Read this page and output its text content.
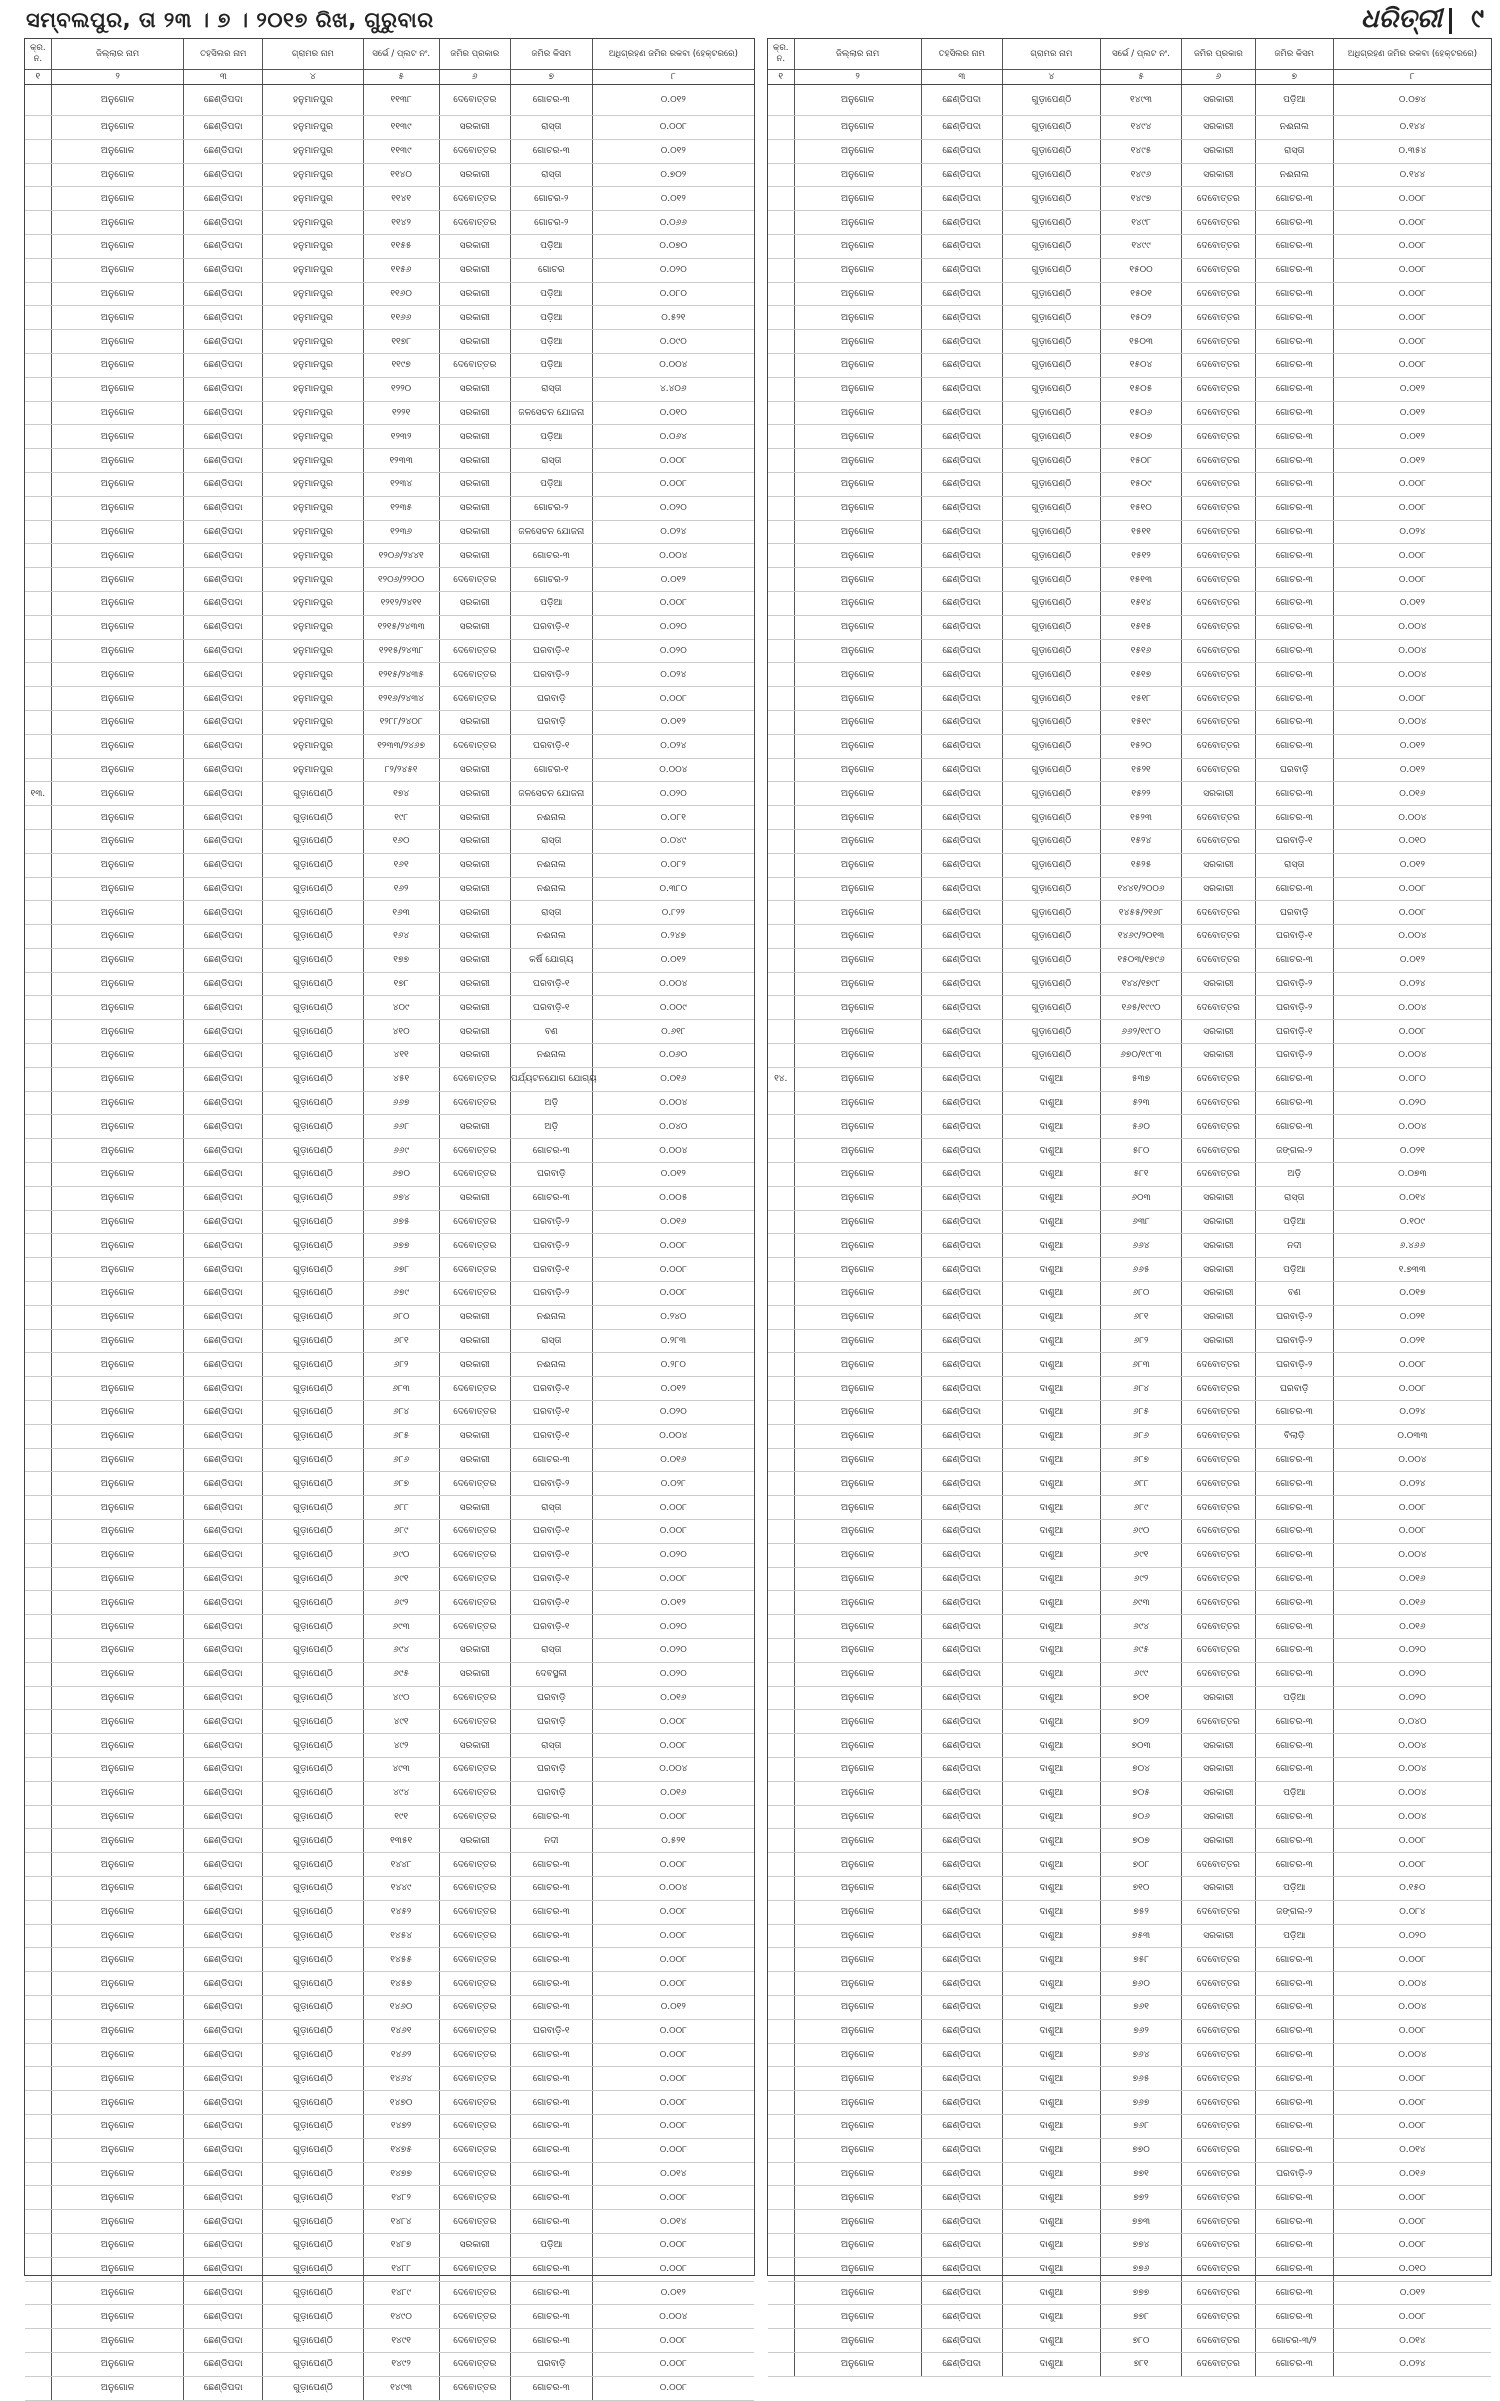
ସମ୍ବଲପୁର, ତା ୨୩ । ୭ । ୨୦୧୭ ରିଖ, ଗୁରୁବାର	ଧରିତ୍ରୀ ୯
କ୍ର. ନ.	ଜିଲ୍ଲାର ନାମ	ତହସିଲର ନାମ	ଗ୍ରାମର ନାମ	ସର୍ଭେ / ପ୍ଲଟ ନଂ.	ଜମିର ପ୍ରକାର	ଜମିର କିସମ	ଅଧିଗ୍ରହଣ ଜମିର ରକବା (ହେକ୍ଟରରେ)
୧	୨	୩	୪	୫	୬	୭	୮
	ଅନୁଗୋଳ	ଛେଣ୍ଡିପଦା	ହନୁମାନପୁର	୧୧୩୮	ଦେବୋତ୍ତର	ଗୋଚର-୩	୦.୦୧୨
	ଅନୁଗୋଳ	ଛେଣ୍ଡିପଦା	ହନୁମାନପୁର	୧୧୩୯	ସରକାରୀ	ରାସ୍ତା	୦.୦୦୮
	ଅନୁଗୋଳ	ଛେଣ୍ଡିପଦା	ହନୁମାନପୁର	୧୧୩୯	ଦେବୋତ୍ତର	ଗୋଚର-୩	୦.୦୧୨
	ଅନୁଗୋଳ	ଛେଣ୍ଡିପଦା	ହନୁମାନପୁର	୧୧୪୦	ସରକାରୀ	ରାସ୍ତା	୦.୭୦୨
	ଅନୁଗୋଳ	ଛେଣ୍ଡିପଦା	ହନୁମାନପୁର	୧୧୪୧	ଦେବୋତ୍ତର	ଗୋଚର-୨	୦.୦୧୨
	ଅନୁଗୋଳ	ଛେଣ୍ଡିପଦା	ହନୁମାନପୁର	୧୧୪୨	ଦେବୋତ୍ତର	ଗୋଚର-୨	୦.୦୬୬
	ଅନୁଗୋଳ	ଛେଣ୍ଡିପଦା	ହନୁମାନପୁର	୧୧୫୫	ସରକାରୀ	ପଡ଼ିଆ	୦.୦୭୦
	ଅନୁଗୋଳ	ଛେଣ୍ଡିପଦା	ହନୁମାନପୁର	୧୧୫୬	ସରକାରୀ	ଗୋଚର	୦.୦୨୦
	ଅନୁଗୋଳ	ଛେଣ୍ଡିପଦା	ହନୁମାନପୁର	୧୧୬୦	ସରକାରୀ	ପଡ଼ିଆ	୦.୦୮୦
	ଅନୁଗୋଳ	ଛେଣ୍ଡିପଦା	ହନୁମାନପୁର	୧୧୬୬	ସରକାରୀ	ପଡ଼ିଆ	୦.୫୨୧
	ଅନୁଗୋଳ	ଛେଣ୍ଡିପଦା	ହନୁମାନପୁର	୧୧୭୮	ସରକାରୀ	ପଡ଼ିଆ	୦.୦୯୦
	ଅନୁଗୋଳ	ଛେଣ୍ଡିପଦା	ହନୁମାନପୁର	୧୧୯୭	ଦେବୋତ୍ତର	ପଡ଼ିଆ	୦.୦୦୪
	ଅନୁଗୋଳ	ଛେଣ୍ଡିପଦା	ହନୁମାନପୁର	୧୨୨୦	ସରକାରୀ	ରାସ୍ତା	୪.୪୦୬
	ଅନୁଗୋଳ	ଛେଣ୍ଡିପଦା	ହନୁମାନପୁର	୧୨୨୧	ସରକାରୀ	ଜଳସେଚନ ଯୋଜନା	୦.୦୧୦
	ଅନୁଗୋଳ	ଛେଣ୍ଡିପଦା	ହନୁମାନପୁର	୧୨୩୨	ସରକାରୀ	ପଡ଼ିଆ	୦.୦୬୪
	ଅନୁଗୋଳ	ଛେଣ୍ଡିପଦା	ହନୁମାନପୁର	୧୨୩୩	ସରକାରୀ	ରାସ୍ତା	୦.୦୦୮
	ଅନୁଗୋଳ	ଛେଣ୍ଡିପଦା	ହନୁମାନପୁର	୧୨୩୪	ସରକାରୀ	ପଡ଼ିଆ	୦.୦୦୮
	ଅନୁଗୋଳ	ଛେଣ୍ଡିପଦା	ହନୁମାନପୁର	୧୨୩୫	ସରକାରୀ	ଗୋଚର-୨	୦.୦୨୦
	ଅନୁଗୋଳ	ଛେଣ୍ଡିପଦା	ହନୁମାନପୁର	୧୨୩୬	ସରକାରୀ	ଜଳସେଚନ ଯୋଜନା	୦.୦୨୪
	ଅନୁଗୋଳ	ଛେଣ୍ଡିପଦା	ହନୁମାନପୁର	୧୨୦୬/୨୪୪୧	ସରକାରୀ	ଗୋଚର-୩	୦.୦୦୪
	ଅନୁଗୋଳ	ଛେଣ୍ଡିପଦା	ହନୁମାନପୁର	୧୨୦୬/୨୨୦୦	ଦେବୋତ୍ତର	ଗୋଚର-୨	୦.୦୧୨
	ଅନୁଗୋଳ	ଛେଣ୍ଡିପଦା	ହନୁମାନପୁର	୧୨୧୨/୨୪୧୧	ସରକାରୀ	ପଡ଼ିଆ	୦.୦୦୮
	ଅନୁଗୋଳ	ଛେଣ୍ଡିପଦା	ହନୁମାନପୁର	୧୨୧୫/୨୪୩୩	ସରକାରୀ	ଘରବାଡ଼ି-୧	୦.୦୨୦
	ଅନୁଗୋଳ	ଛେଣ୍ଡିପଦା	ହନୁମାନପୁର	୧୨୧୫/୨୪୩୮	ଦେବୋତ୍ତର	ଘରବାଡ଼ି-୧	୦.୦୨୦
	ଅନୁଗୋଳ	ଛେଣ୍ଡିପଦା	ହନୁମାନପୁର	୧୨୧୫/୨୪୩୫	ଦେବୋତ୍ତର	ଘରବାଡ଼ି-୨	୦.୦୨୪
	ଅନୁଗୋଳ	ଛେଣ୍ଡିପଦା	ହନୁମାନପୁର	୧୨୧୬/୨୪୩୪	ଦେବୋତ୍ତର	ଘରବାଡ଼ି	୦.୦୦୮
	ଅନୁଗୋଳ	ଛେଣ୍ଡିପଦା	ହନୁମାନପୁର	୧୨୮୮/୨୪୦୮	ସରକାରୀ	ଘରବାଡ଼ି	୦.୦୧୨
	ଅନୁଗୋଳ	ଛେଣ୍ଡିପଦା	ହନୁମାନପୁର	୧୨୩୩/୨୪୬୭	ଦେବୋତ୍ତର	ଘରବାଡ଼ି-୧	୦.୦୨୪
	ଅନୁଗୋଳ	ଛେଣ୍ଡିପଦା	ହନୁମାନପୁର	୮୨/୨୪୫୧	ସରକାରୀ	ଗୋଚର-୧	୦.୦୦୪
୧୩.	ଅନୁଗୋଳ	ଛେଣ୍ଡିପଦା	ଗୁଡ଼ାପେଣ୍ଠି	୧୭୪	ସରକାରୀ	ଜଳସେଚନ ଯୋଜନା	୦.୦୨୦
	ଅନୁଗୋଳ	ଛେଣ୍ଡିପଦା	ଗୁଡ଼ାପେଣ୍ଠି	୧୯୮	ସରକାରୀ	ନଈନାଲ	୦.୦୮୧
	ଅନୁଗୋଳ	ଛେଣ୍ଡିପଦା	ଗୁଡ଼ାପେଣ୍ଠି	୧୬୦	ସରକାରୀ	ରାସ୍ତା	୦.୦୪୯
	ଅନୁଗୋଳ	ଛେଣ୍ଡିପଦା	ଗୁଡ଼ାପେଣ୍ଠି	୧୬୧	ସରକାରୀ	ନଈନାଲ	୦.୦୮୨
	ଅନୁଗୋଳ	ଛେଣ୍ଡିପଦା	ଗୁଡ଼ାପେଣ୍ଠି	୧୬୨	ସରକାରୀ	ନଈନାଲ	୦.୩୮୦
	ଅନୁଗୋଳ	ଛେଣ୍ଡିପଦା	ଗୁଡ଼ାପେଣ୍ଠି	୧୬୩	ସରକାରୀ	ରାସ୍ତା	୦.୮୨୨
	ଅନୁଗୋଳ	ଛେଣ୍ଡିପଦା	ଗୁଡ଼ାପେଣ୍ଠି	୧୬୪	ସରକାରୀ	ନଈନାଲ	୦.୨୪୭
	ଅନୁଗୋଳ	ଛେଣ୍ଡିପଦା	ଗୁଡ଼ାପେଣ୍ଠି	୧୭୭	ସରକାରୀ	କର୍ଷି ଯୋଗ୍ୟ	୦.୦୧୨
	ଅନୁଗୋଳ	ଛେଣ୍ଡିପଦା	ଗୁଡ଼ାପେଣ୍ଠି	୧୭୮	ସରକାରୀ	ଘରବାଡ଼ି-୧	୦.୦୦୪
	ଅନୁଗୋଳ	ଛେଣ୍ଡିପଦା	ଗୁଡ଼ାପେଣ୍ଠି	୪୦୯	ସରକାରୀ	ଘରବାଡ଼ି-୧	୦.୦୦୯
	ଅନୁଗୋଳ	ଛେଣ୍ଡିପଦା	ଗୁଡ଼ାପେଣ୍ଠି	୪୧୦	ସରକାରୀ	ବଣ	୦.୬୧୮
	ଅନୁଗୋଳ	ଛେଣ୍ଡିପଦା	ଗୁଡ଼ାପେଣ୍ଠି	୪୧୧	ସରକାରୀ	ନଈନାଲ	୦.୦୬୦
	ଅନୁଗୋଳ	ଛେଣ୍ଡିପଦା	ଗୁଡ଼ାପେଣ୍ଠି	୪୫୧	ଦେବୋତ୍ତର	ପର୍ଯ୍ୟଟନଯୋଗ ଯୋଗ୍ୟ	୦.୦୧୬
	ଅନୁଗୋଳ	ଛେଣ୍ଡିପଦା	ଗୁଡ଼ାପେଣ୍ଠି	୬୬୭	ଦେବୋତ୍ତର	ଅଡ଼ି	୦.୦୦୪
	ଅନୁଗୋଳ	ଛେଣ୍ଡିପଦା	ଗୁଡ଼ାପେଣ୍ଠି	୬୬୮	ସରକାରୀ	ଅଡ଼ି	୦.୦୪୦
	ଅନୁଗୋଳ	ଛେଣ୍ଡିପଦା	ଗୁଡ଼ାପେଣ୍ଠି	୬୬୯	ଦେବୋତ୍ତର	ଗୋଚର-୩	୦.୦୦୪
	ଅନୁଗୋଳ	ଛେଣ୍ଡିପଦା	ଗୁଡ଼ାପେଣ୍ଠି	୬୭୦	ଦେବୋତ୍ତର	ଘରବାଡ଼ି	୦.୦୧୨
	ଅନୁଗୋଳ	ଛେଣ୍ଡିପଦା	ଗୁଡ଼ାପେଣ୍ଠି	୬୭୪	ସରକାରୀ	ଗୋଚର-୩	୦.୦୦୫
	ଅନୁଗୋଳ	ଛେଣ୍ଡିପଦା	ଗୁଡ଼ାପେଣ୍ଠି	୬୭୫	ଦେବୋତ୍ତର	ଘରବାଡ଼ି-୨	୦.୦୧୬
	ଅନୁଗୋଳ	ଛେଣ୍ଡିପଦା	ଗୁଡ଼ାପେଣ୍ଠି	୬୭୭	ଦେବୋତ୍ତର	ଘରବାଡ଼ି-୨	୦.୦୦୮
	ଅନୁଗୋଳ	ଛେଣ୍ଡିପଦା	ଗୁଡ଼ାପେଣ୍ଠି	୬୭୮	ଦେବୋତ୍ତର	ଘରବାଡ଼ି-୧	୦.୦୦୮
	ଅନୁଗୋଳ	ଛେଣ୍ଡିପଦା	ଗୁଡ଼ାପେଣ୍ଠି	୬୭୯	ଦେବୋତ୍ତର	ଘରବାଡ଼ି-୨	୦.୦୦୮
	ଅନୁଗୋଳ	ଛେଣ୍ଡିପଦା	ଗୁଡ଼ାପେଣ୍ଠି	୬୮୦	ସରକାରୀ	ନଈନାଲ	୦.୨୪୦
	ଅନୁଗୋଳ	ଛେଣ୍ଡିପଦା	ଗୁଡ଼ାପେଣ୍ଠି	୬୮୧	ସରକାରୀ	ରାସ୍ତା	୦.୨୮୩
	ଅନୁଗୋଳ	ଛେଣ୍ଡିପଦା	ଗୁଡ଼ାପେଣ୍ଠି	୬୮୨	ସରକାରୀ	ନଈନାଲ	୦.୨୮୦
	ଅନୁଗୋଳ	ଛେଣ୍ଡିପଦା	ଗୁଡ଼ାପେଣ୍ଠି	୬୮୩	ଦେବୋତ୍ତର	ଘରବାଡ଼ି-୧	୦.୦୧୨
	ଅନୁଗୋଳ	ଛେଣ୍ଡିପଦା	ଗୁଡ଼ାପେଣ୍ଠି	୬୮୪	ଦେବୋତ୍ତର	ଘରବାଡ଼ି-୧	୦.୦୨୦
	ଅନୁଗୋଳ	ଛେଣ୍ଡିପଦା	ଗୁଡ଼ାପେଣ୍ଠି	୬୮୫	ସରକାରୀ	ଘରବାଡ଼ି-୧	୦.୦୦୪
	ଅନୁଗୋଳ	ଛେଣ୍ଡିପଦା	ଗୁଡ଼ାପେଣ୍ଠି	୬୮୬	ସରକାରୀ	ଗୋଚର-୩	୦.୦୧୬
	ଅନୁଗୋଳ	ଛେଣ୍ଡିପଦା	ଗୁଡ଼ାପେଣ୍ଠି	୬୮୭	ଦେବୋତ୍ତର	ଘରବାଡ଼ି-୨	୦.୦୨୮
	ଅନୁଗୋଳ	ଛେଣ୍ଡିପଦା	ଗୁଡ଼ାପେଣ୍ଠି	୬୮୮	ସରକାରୀ	ରାସ୍ତା	୦.୦୦୮
	ଅନୁଗୋଳ	ଛେଣ୍ଡିପଦା	ଗୁଡ଼ାପେଣ୍ଠି	୬୮୯	ଦେବୋତ୍ତର	ଘରବାଡ଼ି-୧	୦.୦୦୮
	ଅନୁଗୋଳ	ଛେଣ୍ଡିପଦା	ଗୁଡ଼ାପେଣ୍ଠି	୬୯୦	ଦେବୋତ୍ତର	ଘରବାଡ଼ି-୧	୦.୦୨୦
	ଅନୁଗୋଳ	ଛେଣ୍ଡିପଦା	ଗୁଡ଼ାପେଣ୍ଠି	୬୯୧	ଦେବୋତ୍ତର	ଘରବାଡ଼ି-୧	୦.୦୦୮
	ଅନୁଗୋଳ	ଛେଣ୍ଡିପଦା	ଗୁଡ଼ାପେଣ୍ଠି	୬୯୨	ଦେବୋତ୍ତର	ଘରବାଡ଼ି-୧	୦.୦୧୨
	ଅନୁଗୋଳ	ଛେଣ୍ଡିପଦା	ଗୁଡ଼ାପେଣ୍ଠି	୬୯୩	ଦେବୋତ୍ତର	ଘରବାଡ଼ି-୧	୦.୦୨୦
	ଅନୁଗୋଳ	ଛେଣ୍ଡିପଦା	ଗୁଡ଼ାପେଣ୍ଠି	୬୯୪	ସରକାରୀ	ରାସ୍ତା	୦.୦୨୦
	ଅନୁଗୋଳ	ଛେଣ୍ଡିପଦା	ଗୁଡ଼ାପେଣ୍ଠି	୬୯୫	ସରକାରୀ	ଦେବସ୍ଥଳୀ	୦.୦୨୦
	ଅନୁଗୋଳ	ଛେଣ୍ଡିପଦା	ଗୁଡ଼ାପେଣ୍ଠି	୪୯୦	ଦେବୋତ୍ତର	ଘରବାଡ଼ି	୦.୦୧୬
	ଅନୁଗୋଳ	ଛେଣ୍ଡିପଦା	ଗୁଡ଼ାପେଣ୍ଠି	୪୯୧	ଦେବୋତ୍ତର	ଘରବାଡ଼ି	୦.୦୦୮
	ଅନୁଗୋଳ	ଛେଣ୍ଡିପଦା	ଗୁଡ଼ାପେଣ୍ଠି	୪୯୨	ସରକାରୀ	ରାସ୍ତା	୦.୦୦୮
	ଅନୁଗୋଳ	ଛେଣ୍ଡିପଦା	ଗୁଡ଼ାପେଣ୍ଠି	୪୯୩	ଦେବୋତ୍ତର	ଘରବାଡ଼ି	୦.୦୦୪
	ଅନୁଗୋଳ	ଛେଣ୍ଡିପଦା	ଗୁଡ଼ାପେଣ୍ଠି	୪୯୪	ଦେବୋତ୍ତର	ଘରବାଡ଼ି	୦.୦୧୬
	ଅନୁଗୋଳ	ଛେଣ୍ଡିପଦା	ଗୁଡ଼ାପେଣ୍ଠି	୧୯୧	ଦେବୋତ୍ତର	ଗୋଚର-୩	୦.୦୦୮
	ଅନୁଗୋଳ	ଛେଣ୍ଡିପଦା	ଗୁଡ଼ାପେଣ୍ଠି	୧୩୫୧	ସରକାରୀ	ନଦୀ	୦.୫୨୧
	ଅନୁଗୋଳ	ଛେଣ୍ଡିପଦା	ଗୁଡ଼ାପେଣ୍ଠି	୧୪୪୮	ଦେବୋତ୍ତର	ଗୋଚର-୩	୦.୦୦୮
	ଅନୁଗୋଳ	ଛେଣ୍ଡିପଦା	ଗୁଡ଼ାପେଣ୍ଠି	୧୪୪୯	ଦେବୋତ୍ତର	ଗୋଚର-୩	୦.୦୦୪
	ଅନୁଗୋଳ	ଛେଣ୍ଡିପଦା	ଗୁଡ଼ାପେଣ୍ଠି	୧୪୫୨	ଦେବୋତ୍ତର	ଗୋଚର-୩	୦.୦୦୮
	ଅନୁଗୋଳ	ଛେଣ୍ଡିପଦା	ଗୁଡ଼ାପେଣ୍ଠି	୧୪୫୪	ଦେବୋତ୍ତର	ଗୋଚର-୩	୦.୦୦୮
	ଅନୁଗୋଳ	ଛେଣ୍ଡିପଦା	ଗୁଡ଼ାପେଣ୍ଠି	୧୪୫୫	ଦେବୋତ୍ତର	ଗୋଚର-୩	୦.୦୦୮
	ଅନୁଗୋଳ	ଛେଣ୍ଡିପଦା	ଗୁଡ଼ାପେଣ୍ଠି	୧୪୫୭	ଦେବୋତ୍ତର	ଗୋଚର-୩	୦.୦୦୮
	ଅନୁଗୋଳ	ଛେଣ୍ଡିପଦା	ଗୁଡ଼ାପେଣ୍ଠି	୧୪୬୦	ଦେବୋତ୍ତର	ଗୋଚର-୩	୦.୦୧୨
	ଅନୁଗୋଳ	ଛେଣ୍ଡିପଦା	ଗୁଡ଼ାପେଣ୍ଠି	୧୪୬୧	ଦେବୋତ୍ତର	ଘରବାଡ଼ି-୧	୦.୦୦୮
	ଅନୁଗୋଳ	ଛେଣ୍ଡିପଦା	ଗୁଡ଼ାପେଣ୍ଠି	୧୪୬୨	ଦେବୋତ୍ତର	ଗୋଚର-୩	୦.୦୦୮
	ଅନୁଗୋଳ	ଛେଣ୍ଡିପଦା	ଗୁଡ଼ାପେଣ୍ଠି	୧୪୬୪	ଦେବୋତ୍ତର	ଗୋଚର-୩	୦.୦୦୮
	ଅନୁଗୋଳ	ଛେଣ୍ଡିପଦା	ଗୁଡ଼ାପେଣ୍ଠି	୧୪୭୦	ଦେବୋତ୍ତର	ଗୋଚର-୩	୦.୦୦୮
	ଅନୁଗୋଳ	ଛେଣ୍ଡିପଦା	ଗୁଡ଼ାପେଣ୍ଠି	୧୪୭୨	ଦେବୋତ୍ତର	ଗୋଚର-୩	୦.୦୦୮
	ଅନୁଗୋଳ	ଛେଣ୍ଡିପଦା	ଗୁଡ଼ାପେଣ୍ଠି	୧୪୭୫	ଦେବୋତ୍ତର	ଗୋଚର-୩	୦.୦୦୮
	ଅନୁଗୋଳ	ଛେଣ୍ଡିପଦା	ଗୁଡ଼ାପେଣ୍ଠି	୧୪୭୭	ଦେବୋତ୍ତର	ଗୋଚର-୩	୦.୦୧୪
	ଅନୁଗୋଳ	ଛେଣ୍ଡିପଦା	ଗୁଡ଼ାପେଣ୍ଠି	୧୪୮୨	ଦେବୋତ୍ତର	ଗୋଚର-୩	୦.୦୦୮
	ଅନୁଗୋଳ	ଛେଣ୍ଡିପଦା	ଗୁଡ଼ାପେଣ୍ଠି	୧୪୮୪	ଦେବୋତ୍ତର	ଗୋଚର-୩	୦.୦୧୪
	ଅନୁଗୋଳ	ଛେଣ୍ଡିପଦା	ଗୁଡ଼ାପେଣ୍ଠି	୧୪୮୭	ସରକାରୀ	ପଡ଼ିଆ	୦.୦୦୮
	ଅନୁଗୋଳ	ଛେଣ୍ଡିପଦା	ଗୁଡ଼ାପେଣ୍ଠି	୧୪୮୮	ଦେବୋତ୍ତର	ଗୋଚର-୩	୦.୦୦୮
	ଅନୁଗୋଳ	ଛେଣ୍ଡିପଦା	ଗୁଡ଼ାପେଣ୍ଠି	୧୪୮୯	ଦେବୋତ୍ତର	ଗୋଚର-୩	୦.୦୧୨
	ଅନୁଗୋଳ	ଛେଣ୍ଡିପଦା	ଗୁଡ଼ାପେଣ୍ଠି	୧୪୯୦	ଦେବୋତ୍ତର	ଗୋଚର-୩	୦.୦୦୪
	ଅନୁଗୋଳ	ଛେଣ୍ଡିପଦା	ଗୁଡ଼ାପେଣ୍ଠି	୧୪୯୧	ଦେବୋତ୍ତର	ଗୋଚର-୩	୦.୦୦୮
	ଅନୁଗୋଳ	ଛେଣ୍ଡିପଦା	ଗୁଡ଼ାପେଣ୍ଠି	୧୪୯୨	ଦେବୋତ୍ତର	ଘରବାଡ଼ି	୦.୦୦୮
	ଅନୁଗୋଳ	ଛେଣ୍ଡିପଦା	ଗୁଡ଼ାପେଣ୍ଠି	୧୪୯୩	ଦେବୋତ୍ତର	ଗୋଚର-୩	୦.୦୦୮
କ୍ର. ନ.	ଜିଲ୍ଲାର ନାମ	ତହସିଲର ନାମ	ଗ୍ରାମର ନାମ	ସର୍ଭେ / ପ୍ଲଟ ନଂ.	ଜମିର ପ୍ରକାର	ଜମିର କିସମ	ଅଧିଗ୍ରହଣ ଜମିର ରକବା (ହେକ୍ଟରରେ)
୧	୨	୩	୪	୫	୬	୭	୮
	ଅନୁଗୋଳ	ଛେଣ୍ଡିପଦା	ଗୁଡ଼ାପେଣ୍ଠି	୧୪୯୩	ସରକାରୀ	ପଡ଼ିଆ	୦.୦୭୪
	ଅନୁଗୋଳ	ଛେଣ୍ଡିପଦା	ଗୁଡ଼ାପେଣ୍ଠି	୧୪୯୪	ସରକାରୀ	ନଈନାଲ	୦.୧୪୪
	ଅନୁଗୋଳ	ଛେଣ୍ଡିପଦା	ଗୁଡ଼ାପେଣ୍ଠି	୧୪୯୫	ସରକାରୀ	ରାସ୍ତା	୦.୩୫୪
	ଅନୁଗୋଳ	ଛେଣ୍ଡିପଦା	ଗୁଡ଼ାପେଣ୍ଠି	୧୪୯୬	ସରକାରୀ	ନଈନାଲ	୦.୧୪୪
	ଅନୁଗୋଳ	ଛେଣ୍ଡିପଦା	ଗୁଡ଼ାପେଣ୍ଠି	୧୪୯୭	ଦେବୋତ୍ତର	ଗୋଚର-୩	୦.୦୦୮
	ଅନୁଗୋଳ	ଛେଣ୍ଡିପଦା	ଗୁଡ଼ାପେଣ୍ଠି	୧୪୯୮	ଦେବୋତ୍ତର	ଗୋଚର-୩	୦.୦୦୮
	ଅନୁଗୋଳ	ଛେଣ୍ଡିପଦା	ଗୁଡ଼ାପେଣ୍ଠି	୧୪୯୯	ଦେବୋତ୍ତର	ଗୋଚର-୩	୦.୦୦୮
	ଅନୁଗୋଳ	ଛେଣ୍ଡିପଦା	ଗୁଡ଼ାପେଣ୍ଠି	୧୫୦୦	ଦେବୋତ୍ତର	ଗୋଚର-୩	୦.୦୦୮
	ଅନୁଗୋଳ	ଛେଣ୍ଡିପଦା	ଗୁଡ଼ାପେଣ୍ଠି	୧୫୦୧	ଦେବୋତ୍ତର	ଗୋଚର-୩	୦.୦୦୮
	ଅନୁଗୋଳ	ଛେଣ୍ଡିପଦା	ଗୁଡ଼ାପେଣ୍ଠି	୧୫୦୨	ଦେବୋତ୍ତର	ଗୋଚର-୩	୦.୦୦୮
	ଅନୁଗୋଳ	ଛେଣ୍ଡିପଦା	ଗୁଡ଼ାପେଣ୍ଠି	୧୫୦୩	ଦେବୋତ୍ତର	ଗୋଚର-୩	୦.୦୦୮
	ଅନୁଗୋଳ	ଛେଣ୍ଡିପଦା	ଗୁଡ଼ାପେଣ୍ଠି	୧୫୦୪	ଦେବୋତ୍ତର	ଗୋଚର-୩	୦.୦୦୮
	ଅନୁଗୋଳ	ଛେଣ୍ଡିପଦା	ଗୁଡ଼ାପେଣ୍ଠି	୧୫୦୫	ଦେବୋତ୍ତର	ଗୋଚର-୩	୦.୦୧୨
	ଅନୁଗୋଳ	ଛେଣ୍ଡିପଦା	ଗୁଡ଼ାପେଣ୍ଠି	୧୫୦୬	ଦେବୋତ୍ତର	ଗୋଚର-୩	୦.୦୧୨
	ଅନୁଗୋଳ	ଛେଣ୍ଡିପଦା	ଗୁଡ଼ାପେଣ୍ଠି	୧୫୦୭	ଦେବୋତ୍ତର	ଗୋଚର-୩	୦.୦୧୨
	ଅନୁଗୋଳ	ଛେଣ୍ଡିପଦା	ଗୁଡ଼ାପେଣ୍ଠି	୧୫୦୮	ଦେବୋତ୍ତର	ଗୋଚର-୩	୦.୦୧୨
	ଅନୁଗୋଳ	ଛେଣ୍ଡିପଦା	ଗୁଡ଼ାପେଣ୍ଠି	୧୫୦୯	ଦେବୋତ୍ତର	ଗୋଚର-୩	୦.୦୦୮
	ଅନୁଗୋଳ	ଛେଣ୍ଡିପଦା	ଗୁଡ଼ାପେଣ୍ଠି	୧୫୧୦	ଦେବୋତ୍ତର	ଗୋଚର-୩	୦.୦୦୮
	ଅନୁଗୋଳ	ଛେଣ୍ଡିପଦା	ଗୁଡ଼ାପେଣ୍ଠି	୧୫୧୧	ଦେବୋତ୍ତର	ଗୋଚର-୩	୦.୦୨୪
	ଅନୁଗୋଳ	ଛେଣ୍ଡିପଦା	ଗୁଡ଼ାପେଣ୍ଠି	୧୫୧୨	ଦେବୋତ୍ତର	ଗୋଚର-୩	୦.୦୦୮
	ଅନୁଗୋଳ	ଛେଣ୍ଡିପଦା	ଗୁଡ଼ାପେଣ୍ଠି	୧୫୧୩	ଦେବୋତ୍ତର	ଗୋଚର-୩	୦.୦୦୮
	ଅନୁଗୋଳ	ଛେଣ୍ଡିପଦା	ଗୁଡ଼ାପେଣ୍ଠି	୧୫୧୪	ଦେବୋତ୍ତର	ଗୋଚର-୩	୦.୦୧୨
	ଅନୁଗୋଳ	ଛେଣ୍ଡିପଦା	ଗୁଡ଼ାପେଣ୍ଠି	୧୫୧୫	ଦେବୋତ୍ତର	ଗୋଚର-୩	୦.୦୦୪
	ଅନୁଗୋଳ	ଛେଣ୍ଡିପଦା	ଗୁଡ଼ାପେଣ୍ଠି	୧୫୧୬	ଦେବୋତ୍ତର	ଗୋଚର-୩	୦.୦୦୪
	ଅନୁଗୋଳ	ଛେଣ୍ଡିପଦା	ଗୁଡ଼ାପେଣ୍ଠି	୧୫୧୭	ଦେବୋତ୍ତର	ଗୋଚର-୩	୦.୦୦୪
	ଅନୁଗୋଳ	ଛେଣ୍ଡିପଦା	ଗୁଡ଼ାପେଣ୍ଠି	୧୫୧୮	ଦେବୋତ୍ତର	ଗୋଚର-୩	୦.୦୦୮
	ଅନୁଗୋଳ	ଛେଣ୍ଡିପଦା	ଗୁଡ଼ାପେଣ୍ଠି	୧୫୧୯	ଦେବୋତ୍ତର	ଗୋଚର-୩	୦.୦୦୪
	ଅନୁଗୋଳ	ଛେଣ୍ଡିପଦା	ଗୁଡ଼ାପେଣ୍ଠି	୧୫୨୦	ଦେବୋତ୍ତର	ଗୋଚର-୩	୦.୦୧୨
	ଅନୁଗୋଳ	ଛେଣ୍ଡିପଦା	ଗୁଡ଼ାପେଣ୍ଠି	୧୫୨୧	ଦେବୋତ୍ତର	ଘରବାଡ଼ି	୦.୦୧୨
	ଅନୁଗୋଳ	ଛେଣ୍ଡିପଦା	ଗୁଡ଼ାପେଣ୍ଠି	୧୫୨୨	ସରକାରୀ	ଗୋଚର-୩	୦.୦୧୬
	ଅନୁଗୋଳ	ଛେଣ୍ଡିପଦା	ଗୁଡ଼ାପେଣ୍ଠି	୧୫୨୩	ଦେବୋତ୍ତର	ଗୋଚର-୩	୦.୦୦୪
	ଅନୁଗୋଳ	ଛେଣ୍ଡିପଦା	ଗୁଡ଼ାପେଣ୍ଠି	୧୫୨୪	ଦେବୋତ୍ତର	ଘରବାଡ଼ି-୧	୦.୦୧୦
	ଅନୁଗୋଳ	ଛେଣ୍ଡିପଦା	ଗୁଡ଼ାପେଣ୍ଠି	୧୫୨୫	ସରକାରୀ	ରାସ୍ତା	୦.୦୧୨
	ଅନୁଗୋଳ	ଛେଣ୍ଡିପଦା	ଗୁଡ଼ାପେଣ୍ଠି	୧୪୪୧/୨୦୦୬	ସରକାରୀ	ଗୋଚର-୩	୦.୦୦୮
	ଅନୁଗୋଳ	ଛେଣ୍ଡିପଦା	ଗୁଡ଼ାପେଣ୍ଠି	୧୪୫୫/୨୧୬୮	ଦେବୋତ୍ତର	ଘରବାଡ଼ି	୦.୦୦୮
	ଅନୁଗୋଳ	ଛେଣ୍ଡିପଦା	ଗୁଡ଼ାପେଣ୍ଠି	୧୪୬୯/୨୦୧୩	ଦେବୋତ୍ତର	ଘରବାଡ଼ି-୧	୦.୦୦୪
	ଅନୁଗୋଳ	ଛେଣ୍ଡିପଦା	ଗୁଡ଼ାପେଣ୍ଠି	୧୫୦୩/୧୭୯୬	ଦେବୋତ୍ତର	ଗୋଚର-୩	୦.୦୧୨
	ଅନୁଗୋଳ	ଛେଣ୍ଡିପଦା	ଗୁଡ଼ାପେଣ୍ଠି	୧୪୪/୧୭୯୮	ସରକାରୀ	ଘରବାଡ଼ି-୨	୦.୦୨୪
	ଅନୁଗୋଳ	ଛେଣ୍ଡିପଦା	ଗୁଡ଼ାପେଣ୍ଠି	୧୬୫/୧୯୯୦	ଦେବୋତ୍ତର	ଘରବାଡ଼ି-୨	୦.୦୦୪
	ଅନୁଗୋଳ	ଛେଣ୍ଡିପଦା	ଗୁଡ଼ାପେଣ୍ଠି	୬୬୨/୧୯୮୦	ସରକାରୀ	ଘରବାଡ଼ି-୧	୦.୦୦୮
	ଅନୁଗୋଳ	ଛେଣ୍ଡିପଦା	ଗୁଡ଼ାପେଣ୍ଠି	୬୭୦/୧୯୮୩	ସରକାରୀ	ଘରବାଡ଼ି-୨	୦.୦୦୪
୧୪.	ଅନୁଗୋଳ	ଛେଣ୍ଡିପଦା	ଦାଶୁଆ	୫୩୭	ଦେବୋତ୍ତର	ଗୋଚର-୩	୦.୦୮୦
	ଅନୁଗୋଳ	ଛେଣ୍ଡିପଦା	ଦାଶୁଆ	୫୨୩	ଦେବୋତ୍ତର	ଗୋଚର-୩	୦.୦୨୦
	ଅନୁଗୋଳ	ଛେଣ୍ଡିପଦା	ଦାଶୁଆ	୫୬୦	ଦେବୋତ୍ତର	ଗୋଚର-୩	୦.୦୦୪
	ଅନୁଗୋଳ	ଛେଣ୍ଡିପଦା	ଦାଶୁଆ	୫୮୦	ଦେବୋତ୍ତର	ଜଙ୍ଗଲ-୨	୦.୦୨୧
	ଅନୁଗୋଳ	ଛେଣ୍ଡିପଦା	ଦାଶୁଆ	୫୮୧	ଦେବୋତ୍ତର	ଅଡ଼ି	୦.୦୭୩
	ଅନୁଗୋଳ	ଛେଣ୍ଡିପଦା	ଦାଶୁଆ	୬୦୩	ସରକାରୀ	ରାସ୍ତା	୦.୦୧୪
	ଅନୁଗୋଳ	ଛେଣ୍ଡିପଦା	ଦାଶୁଆ	୬୩୮	ସରକାରୀ	ପଡ଼ିଆ	୦.୧୦୯
	ଅନୁଗୋଳ	ଛେଣ୍ଡିପଦା	ଦାଶୁଆ	୬୬୪	ସରକାରୀ	ନଦୀ	୬.୪୬୬
	ଅନୁଗୋଳ	ଛେଣ୍ଡିପଦା	ଦାଶୁଆ	୬୬୫	ସରକାରୀ	ପଡ଼ିଆ	୧.୭୩୩
	ଅନୁଗୋଳ	ଛେଣ୍ଡିପଦା	ଦାଶୁଆ	୬୮୦	ସରକାରୀ	ବଣ	୦.୦୧୭
	ଅନୁଗୋଳ	ଛେଣ୍ଡିପଦା	ଦାଶୁଆ	୬୮୧	ସରକାରୀ	ଘରବାଡ଼ି-୨	୦.୦୨୧
	ଅନୁଗୋଳ	ଛେଣ୍ଡିପଦା	ଦାଶୁଆ	୬୮୨	ସରକାରୀ	ଘରବାଡ଼ି-୨	୦.୦୨୧
	ଅନୁଗୋଳ	ଛେଣ୍ଡିପଦା	ଦାଶୁଆ	୬୮୩	ଦେବୋତ୍ତର	ଘରବାଡ଼ି-୨	୦.୦୦୮
	ଅନୁଗୋଳ	ଛେଣ୍ଡିପଦା	ଦାଶୁଆ	୬୮୪	ଦେବୋତ୍ତର	ଘରବାଡ଼ି	୦.୦୦୮
	ଅନୁଗୋଳ	ଛେଣ୍ଡିପଦା	ଦାଶୁଆ	୬୮୫	ଦେବୋତ୍ତର	ଗୋଚର-୩	୦.୦୨୪
	ଅନୁଗୋଳ	ଛେଣ୍ଡିପଦା	ଦାଶୁଆ	୬୮୬	ଦେବୋତ୍ତର	ବିଲାଡ଼ି	୦.୦୩୩
	ଅନୁଗୋଳ	ଛେଣ୍ଡିପଦା	ଦାଶୁଆ	୬୮୭	ଦେବୋତ୍ତର	ଗୋଚର-୩	୦.୦୦୪
	ଅନୁଗୋଳ	ଛେଣ୍ଡିପଦା	ଦାଶୁଆ	୬୮୮	ଦେବୋତ୍ତର	ଗୋଚର-୩	୦.୦୨୪
	ଅନୁଗୋଳ	ଛେଣ୍ଡିପଦା	ଦାଶୁଆ	୬୮୯	ଦେବୋତ୍ତର	ଗୋଚର-୩	୦.୦୦୮
	ଅନୁଗୋଳ	ଛେଣ୍ଡିପଦା	ଦାଶୁଆ	୬୯୦	ଦେବୋତ୍ତର	ଗୋଚର-୩	୦.୦୦୮
	ଅନୁଗୋଳ	ଛେଣ୍ଡିପଦା	ଦାଶୁଆ	୬୯୧	ଦେବୋତ୍ତର	ଗୋଚର-୩	୦.୦୦୪
	ଅନୁଗୋଳ	ଛେଣ୍ଡିପଦା	ଦାଶୁଆ	୬୯୨	ଦେବୋତ୍ତର	ଗୋଚର-୩	୦.୦୧୬
	ଅନୁଗୋଳ	ଛେଣ୍ଡିପଦା	ଦାଶୁଆ	୬୯୩	ଦେବୋତ୍ତର	ଗୋଚର-୩	୦.୦୧୬
	ଅନୁଗୋଳ	ଛେଣ୍ଡିପଦା	ଦାଶୁଆ	୬୯୪	ଦେବୋତ୍ତର	ଗୋଚର-୩	୦.୦୧୬
	ଅନୁଗୋଳ	ଛେଣ୍ଡିପଦା	ଦାଶୁଆ	୬୯୫	ଦେବୋତ୍ତର	ଗୋଚର-୩	୦.୦୨୦
	ଅନୁଗୋଳ	ଛେଣ୍ଡିପଦା	ଦାଶୁଆ	୬୯୯	ଦେବୋତ୍ତର	ଗୋଚର-୩	୦.୦୨୦
	ଅନୁଗୋଳ	ଛେଣ୍ଡିପଦା	ଦାଶୁଆ	୭୦୧	ସରକାରୀ	ପଡ଼ିଆ	୦.୦୨୦
	ଅନୁଗୋଳ	ଛେଣ୍ଡିପଦା	ଦାଶୁଆ	୭୦୨	ଦେବୋତ୍ତର	ଗୋଚର-୩	୦.୦୪୦
	ଅନୁଗୋଳ	ଛେଣ୍ଡିପଦା	ଦାଶୁଆ	୭୦୩	ସରକାରୀ	ଗୋଚର-୩	୦.୦୦୪
	ଅନୁଗୋଳ	ଛେଣ୍ଡିପଦା	ଦାଶୁଆ	୭୦୪	ସରକାରୀ	ଗୋଚର-୩	୦.୦୦୪
	ଅନୁଗୋଳ	ଛେଣ୍ଡିପଦା	ଦାଶୁଆ	୭୦୫	ସରକାରୀ	ପଡ଼ିଆ	୦.୦୦୪
	ଅନୁଗୋଳ	ଛେଣ୍ଡିପଦା	ଦାଶୁଆ	୭୦୬	ସରକାରୀ	ଗୋଚର-୩	୦.୦୦୪
	ଅନୁଗୋଳ	ଛେଣ୍ଡିପଦା	ଦାଶୁଆ	୭୦୭	ସରକାରୀ	ଗୋଚର-୩	୦.୦୦୮
	ଅନୁଗୋଳ	ଛେଣ୍ଡିପଦା	ଦାଶୁଆ	୭୦୮	ଦେବୋତ୍ତର	ଗୋଚର-୩	୦.୦୦୮
	ଅନୁଗୋଳ	ଛେଣ୍ଡିପଦା	ଦାଶୁଆ	୭୧୦	ସରକାରୀ	ପଡ଼ିଆ	୦.୧୫୦
	ଅନୁଗୋଳ	ଛେଣ୍ଡିପଦା	ଦାଶୁଆ	୭୫୨	ଦେବୋତ୍ତର	ଜଙ୍ଗଲ-୨	୦.୦୮୪
	ଅନୁଗୋଳ	ଛେଣ୍ଡିପଦା	ଦାଶୁଆ	୭୫୩	ସରକାରୀ	ପଡ଼ିଆ	୦.୦୨୦
	ଅନୁଗୋଳ	ଛେଣ୍ଡିପଦା	ଦାଶୁଆ	୭୫୮	ଦେବୋତ୍ତର	ଗୋଚର-୩	୦.୦୦୮
	ଅନୁଗୋଳ	ଛେଣ୍ଡିପଦା	ଦାଶୁଆ	୭୬୦	ଦେବୋତ୍ତର	ଗୋଚର-୩	୦.୦୦୪
	ଅନୁଗୋଳ	ଛେଣ୍ଡିପଦା	ଦାଶୁଆ	୭୬୧	ଦେବୋତ୍ତର	ଗୋଚର-୩	୦.୦୦୪
	ଅନୁଗୋଳ	ଛେଣ୍ଡିପଦା	ଦାଶୁଆ	୭୬୨	ଦେବୋତ୍ତର	ଗୋଚର-୩	୦.୦୦୮
	ଅନୁଗୋଳ	ଛେଣ୍ଡିପଦା	ଦାଶୁଆ	୭୬୪	ଦେବୋତ୍ତର	ଗୋଚର-୩	୦.୦୦୪
	ଅନୁଗୋଳ	ଛେଣ୍ଡିପଦା	ଦାଶୁଆ	୭୬୫	ଦେବୋତ୍ତର	ଗୋଚର-୩	୦.୦୦୮
	ଅନୁଗୋଳ	ଛେଣ୍ଡିପଦା	ଦାଶୁଆ	୭୬୭	ଦେବୋତ୍ତର	ଗୋଚର-୩	୦.୦୦୮
	ଅନୁଗୋଳ	ଛେଣ୍ଡିପଦା	ଦାଶୁଆ	୭୬୮	ଦେବୋତ୍ତର	ଗୋଚର-୩	୦.୦୦୮
	ଅନୁଗୋଳ	ଛେଣ୍ଡିପଦା	ଦାଶୁଆ	୭୭୦	ଦେବୋତ୍ତର	ଗୋଚର-୩	୦.୦୧୪
	ଅନୁଗୋଳ	ଛେଣ୍ଡିପଦା	ଦାଶୁଆ	୭୭୧	ଦେବୋତ୍ତର	ଘରବାଡ଼ି-୨	୦.୦୧୬
	ଅନୁଗୋଳ	ଛେଣ୍ଡିପଦା	ଦାଶୁଆ	୭୭୨	ଦେବୋତ୍ତର	ଗୋଚର-୩	୦.୦୦୮
	ଅନୁଗୋଳ	ଛେଣ୍ଡିପଦା	ଦାଶୁଆ	୭୭୩	ଦେବୋତ୍ତର	ଗୋଚର-୩	୦.୦୦୮
	ଅନୁଗୋଳ	ଛେଣ୍ଡିପଦା	ଦାଶୁଆ	୭୭୪	ଦେବୋତ୍ତର	ଗୋଚର-୩	୦.୦୦୮
	ଅନୁଗୋଳ	ଛେଣ୍ଡିପଦା	ଦାଶୁଆ	୭୭୬	ଦେବୋତ୍ତର	ଗୋଚର-୩	୦.୦୧୦
	ଅନୁଗୋଳ	ଛେଣ୍ଡିପଦା	ଦାଶୁଆ	୭୭୭	ଦେବୋତ୍ତର	ଗୋଚର-୩	୦.୦୧୨
	ଅନୁଗୋଳ	ଛେଣ୍ଡିପଦା	ଦାଶୁଆ	୭୭୮	ଦେବୋତ୍ତର	ଗୋଚର-୩	୦.୦୦୮
	ଅନୁଗୋଳ	ଛେଣ୍ଡିପଦା	ଦାଶୁଆ	୭୮୦	ଦେବୋତ୍ତର	ଗୋଚର-୩/୨	୦.୦୧୪
	ଅନୁଗୋଳ	ଛେଣ୍ଡିପଦା	ଦାଶୁଆ	୭୮୧	ଦେବୋତ୍ତର	ଗୋଚର-୩	୦.୦୨୪
